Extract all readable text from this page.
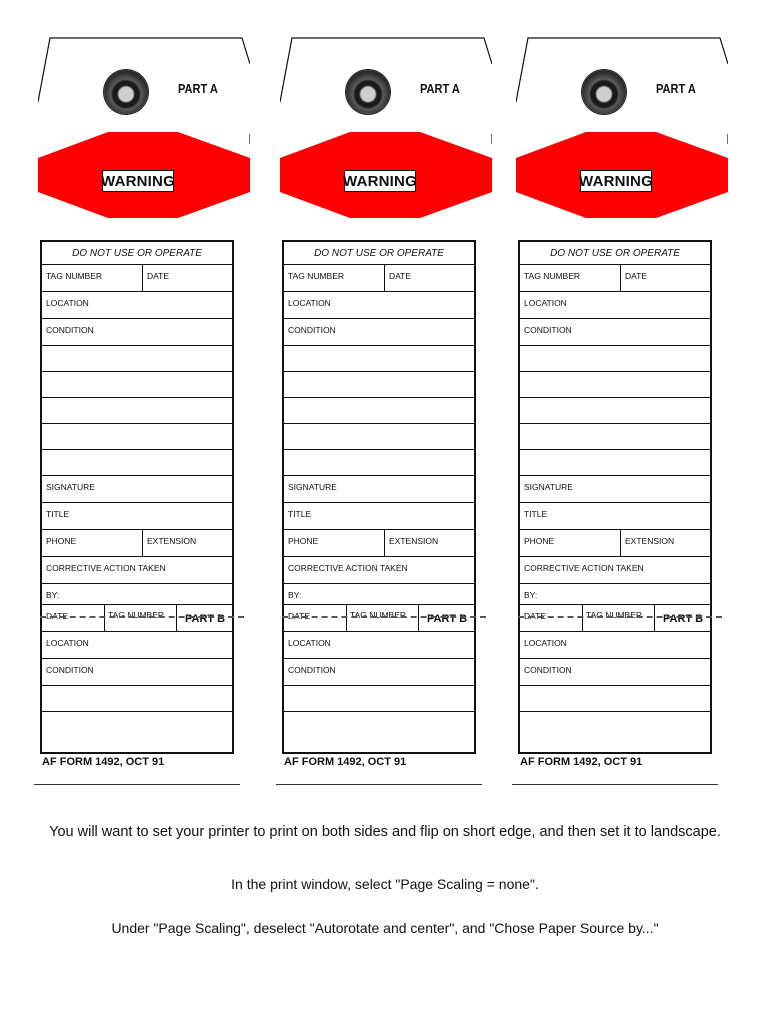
PART A
WARNING
DO NOT USE OR OPERATE
TAG NUMBER	DATE
LOCATION
CONDITION
SIGNATURE
TITLE
PHONE	EXTENSION
CORRECTIVE ACTION TAKEN
BY:
DATE	TAG NUMBER PART B
LOCATION
CONDITION
AF FORM 1492, OCT 91
PART A
WARNING
DO NOT USE OR OPERATE
TAG NUMBER	DATE
LOCATION
CONDITION
SIGNATURE
TITLE
PHONE	EXTENSION
CORRECTIVE ACTION TAKEN
BY:
DATE	TAG NUMBER PART B
LOCATION
CONDITION
AF FORM 1492, OCT 91
PART A
WARNING
DO NOT USE OR OPERATE
TAG NUMBER	DATE
LOCATION
CONDITION
SIGNATURE
TITLE
PHONE	EXTENSION
CORRECTIVE ACTION TAKEN
BY:
DATE	TAG NUMBER PART B
LOCATION
CONDITION
AF FORM 1492, OCT 91
You will want to set your printer to print on both sides and flip on short edge, and then set it to landscape.
In the print window, select "Page Scaling = none".
Under "Page Scaling", deselect "Autorotate and center", and "Chose Paper Source by..."
